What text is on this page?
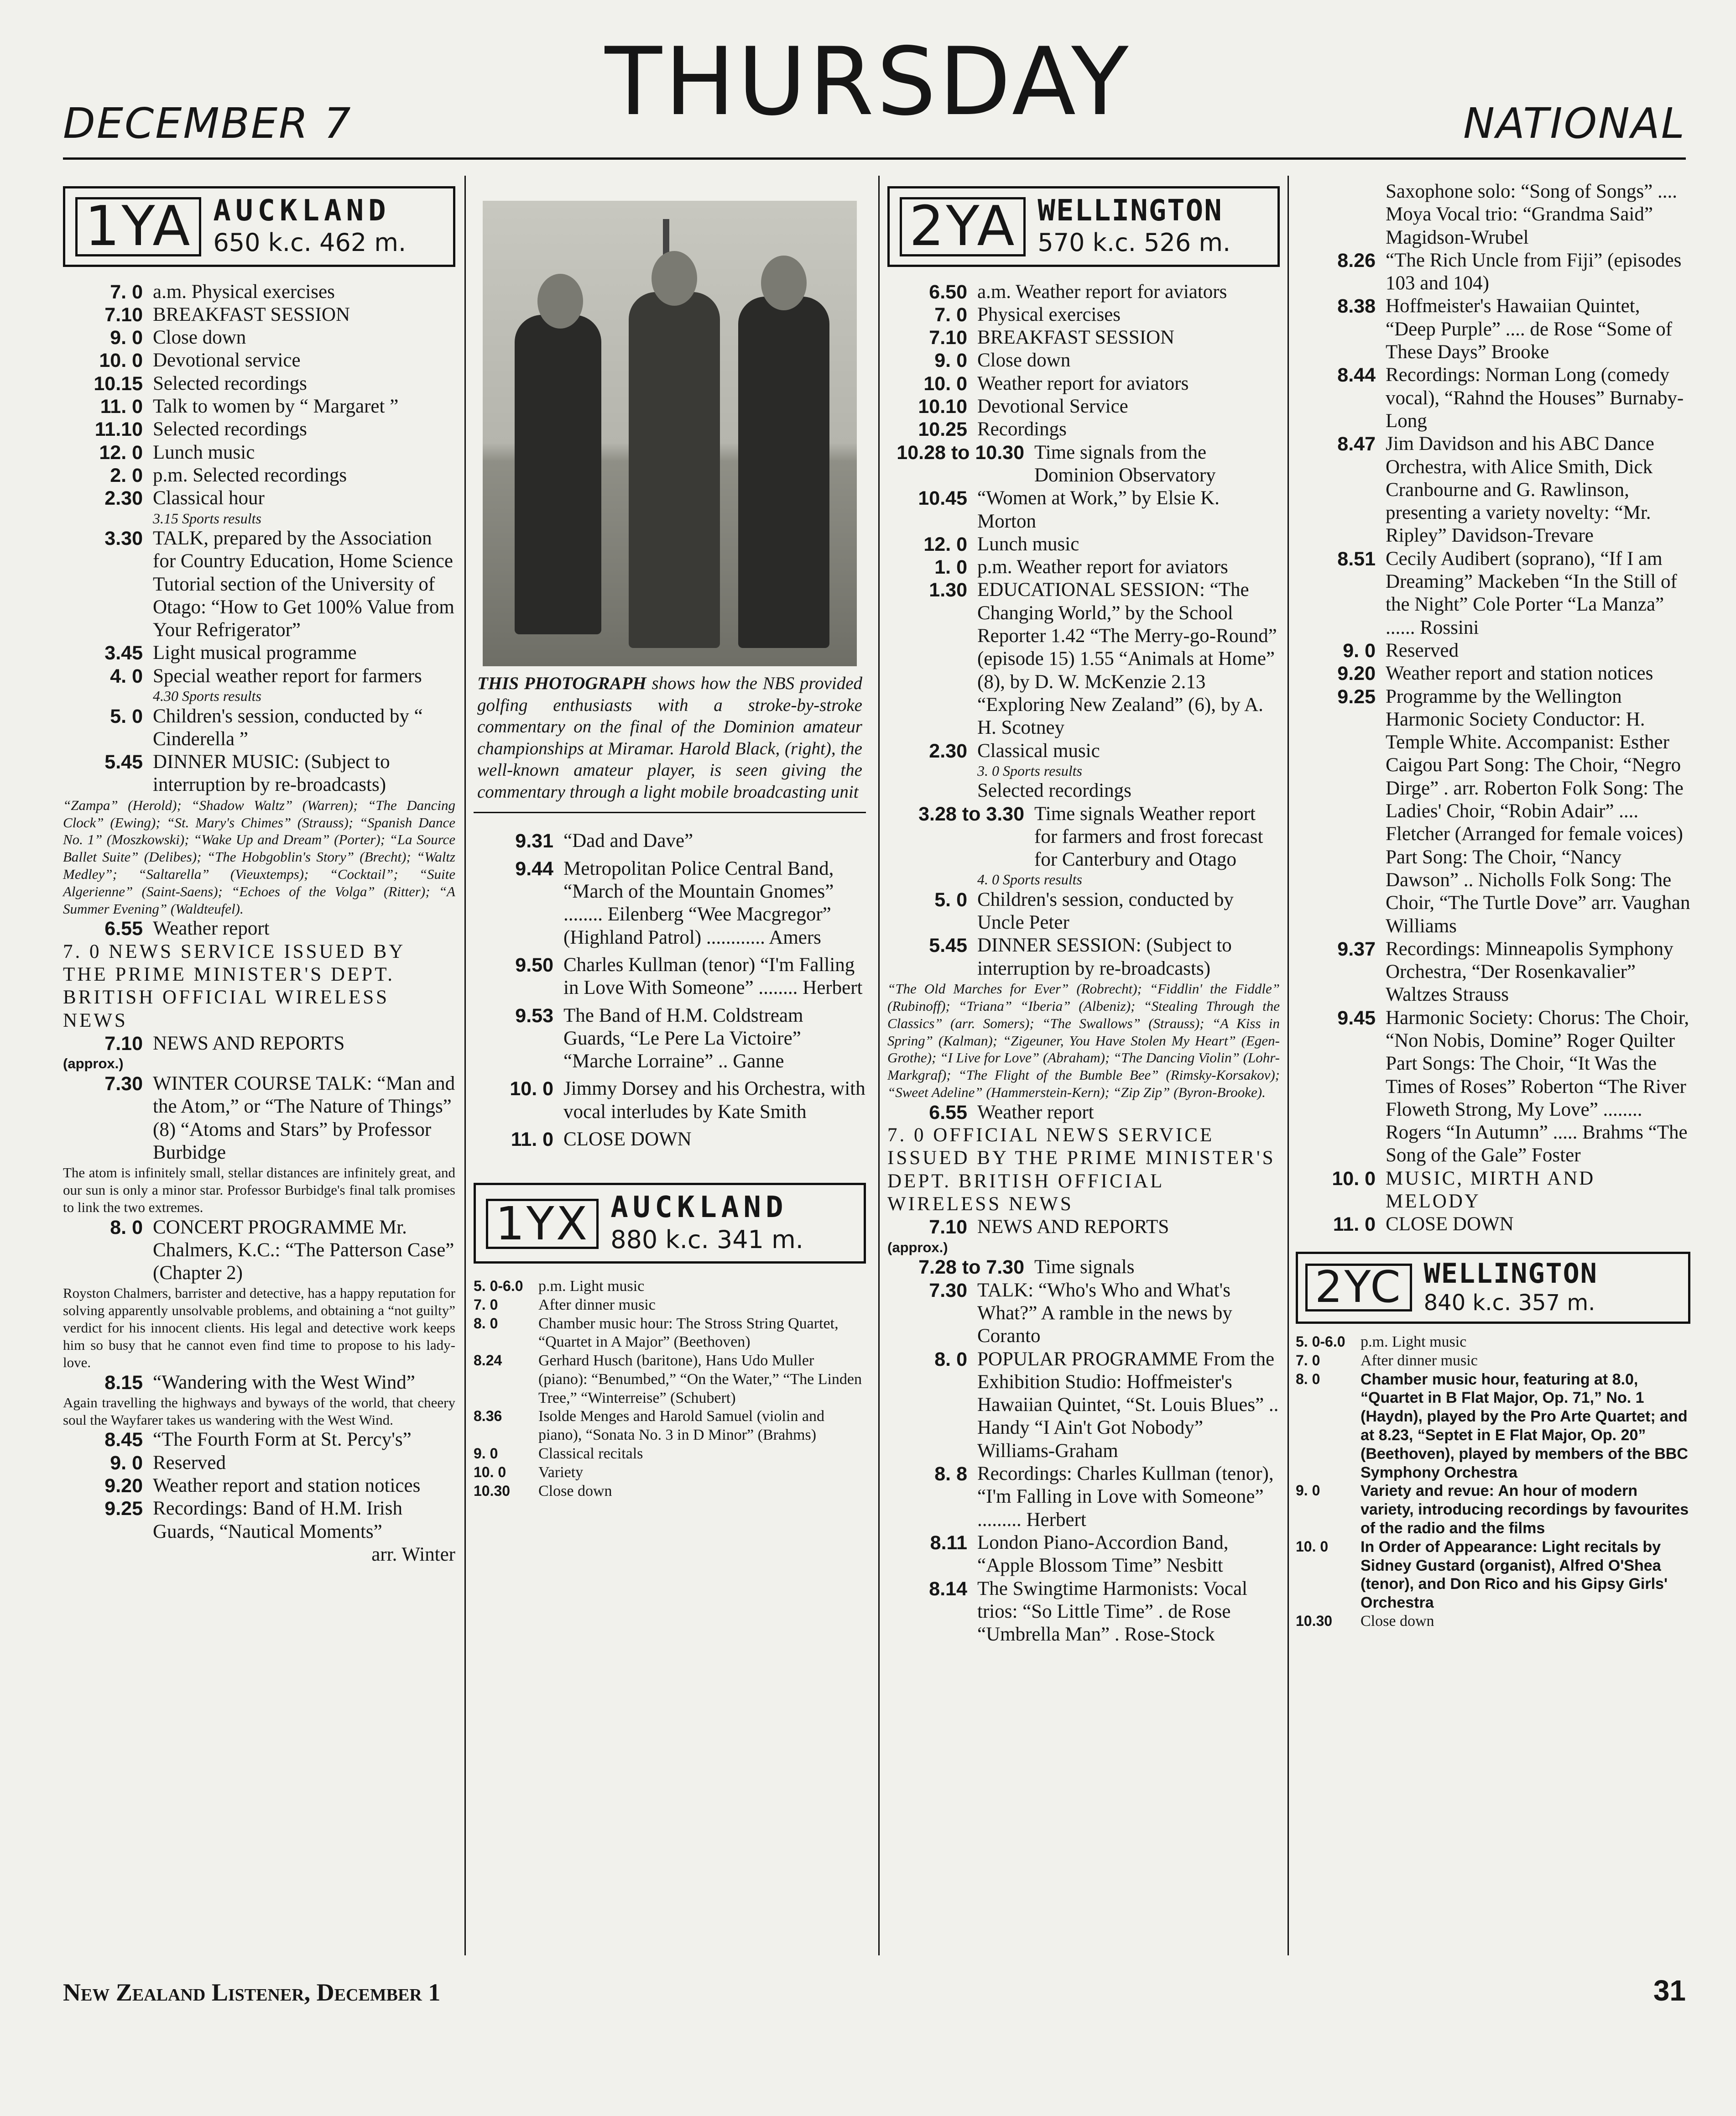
THURSDAY
DECEMBER 7	NATIONAL
1YA AUCKLAND
650 k.c. 462 m.
7. 0 a.m. Physical exercises
7.10 BREAKFAST SESSION
9. 0 Close down
10. 0 Devotional service
10.15 Selected recordings
11. 0 Talk to women by “ Margaret ”
11.10 Selected recordings
12. 0 Lunch music
2. 0 p.m. Selected recordings
2.30 Classical hour
3.15 Sports results
3.30 TALK, prepared by the Association for Country Education, Home Science Tutorial section of the University of Otago: “How to Get 100% Value from Your Refrigerator”
3.45 Light musical programme
4. 0 Special weather report for farmers
4.30 Sports results
5. 0 Children's session, conducted by “ Cinderella ”
5.45 DINNER MUSIC: (Subject to interruption by re-broadcasts)
“Zampa” (Herold); “Shadow Waltz” (Warren); “The Dancing Clock” (Ewing); “St. Mary's Chimes” (Strauss); “Spanish Dance No. 1” (Moszkowski); “Wake Up and Dream” (Porter); “La Source Ballet Suite” (Delibes); “The Hobgoblin's Story” (Brecht); “Waltz Medley”; “Saltarella” (Vieuxtemps); “Cocktail”; “Suite Algerienne” (Saint-Saens); “Echoes of the Volga” (Ritter); “A Summer Evening” (Waldteufel).
6.55 Weather report
7. 0 NEWS SERVICE ISSUED BY THE PRIME MINISTER'S DEPT. BRITISH OFFICIAL WIRELESS NEWS
7.10 NEWS AND REPORTS
(approx.)
7.30 WINTER COURSE TALK: “Man and the Atom,” or “The Nature of Things” (8) “Atoms and Stars” by Professor Burbidge
The atom is infinitely small, stellar distances are infinitely great, and our sun is only a minor star. Professor Burbidge's final talk promises to link the two extremes.
8. 0 CONCERT PROGRAMME Mr. Chalmers, K.C.: “The Patterson Case” (Chapter 2)
Royston Chalmers, barrister and detective, has a happy reputation for solving apparently unsolvable problems, and obtaining a “not guilty” verdict for his innocent clients. His legal and detective work keeps him so busy that he cannot even find time to propose to his lady-love.
8.15 “Wandering with the West Wind”
Again travelling the highways and byways of the world, that cheery soul the Wayfarer takes us wandering with the West Wind.
8.45 “The Fourth Form at St. Percy's”
9. 0 Reserved
9.20 Weather report and station notices
9.25 Recordings: Band of H.M. Irish Guards, “Nautical Moments”
arr. Winter
THIS PHOTOGRAPH shows how the NBS provided golfing enthusiasts with a stroke-by-stroke commentary on the final of the Dominion amateur championships at Miramar. Harold Black, (right), the well-known amateur player, is seen giving the commentary through a light mobile broadcasting unit
9.31 “Dad and Dave”
9.44 Metropolitan Police Central Band, “March of the Mountain Gnomes” ........ Eilenberg “Wee Macgregor” (Highland Patrol) ............ Amers
9.50 Charles Kullman (tenor) “I'm Falling in Love With Someone” ........ Herbert
9.53 The Band of H.M. Coldstream Guards, “Le Pere La Victoire” “Marche Lorraine” .. Ganne
10. 0 Jimmy Dorsey and his Orchestra, with vocal interludes by Kate Smith
11. 0 CLOSE DOWN
1YX AUCKLAND
880 k.c. 341 m.
5. 0-6.0 p.m. Light music
7. 0	After dinner music
8. 0	Chamber music hour: The Stross String Quartet, “Quartet in A Major” (Beethoven)
8.24	Gerhard Husch (baritone), Hans Udo Muller (piano): “Benumbed,” “On the Water,” “The Linden Tree,” “Winterreise” (Schubert)
8.36	Isolde Menges and Harold Samuel (violin and piano), “Sonata No. 3 in D Minor” (Brahms)
9. 0	Classical recitals
10. 0	Variety
10.30	Close down
2YA WELLINGTON
570 k.c. 526 m.
6.50 a.m. Weather report for aviators
7. 0 Physical exercises
7.10 BREAKFAST SESSION
9. 0 Close down
10. 0 Weather report for aviators
10.10 Devotional Service
10.25 Recordings
10.28 to 10.30 Time signals from the Dominion Observatory
10.45 “Women at Work,” by Elsie K. Morton
12. 0 Lunch music
1. 0 p.m. Weather report for aviators
1.30 EDUCATIONAL SESSION: “The Changing World,” by the School Reporter 1.42 “The Merry-go-Round” (episode 15) 1.55 “Animals at Home” (8), by D. W. McKenzie 2.13 “Exploring New Zealand” (6), by A. H. Scotney
2.30 Classical music
3. 0 Sports results
Selected recordings
3.28 to 3.30 Time signals Weather report for farmers and frost forecast for Canterbury and Otago
4. 0 Sports results
5. 0 Children's session, conducted by Uncle Peter
5.45 DINNER SESSION: (Subject to interruption by re-broadcasts)
“The Old Marches for Ever” (Robrecht); “Fiddlin' the Fiddle” (Rubinoff); “Triana” “Iberia” (Albeniz); “Stealing Through the Classics” (arr. Somers); “The Swallows” (Strauss); “A Kiss in Spring” (Kalman); “Zigeuner, You Have Stolen My Heart” (Egen-Grothe); “I Live for Love” (Abraham); “The Dancing Violin” (Lohr-Markgraf); “The Flight of the Bumble Bee” (Rimsky-Korsakov); “Sweet Adeline” (Hammerstein-Kern); “Zip Zip” (Byron-Brooke).
6.55 Weather report
7. 0 OFFICIAL NEWS SERVICE ISSUED BY THE PRIME MINISTER'S DEPT. BRITISH OFFICIAL WIRELESS NEWS
7.10 NEWS AND REPORTS
(approx.)
7.28 to 7.30 Time signals
7.30 TALK: “Who's Who and What's What?” A ramble in the news by Coranto
8. 0 POPULAR PROGRAMME From the Exhibition Studio: Hoffmeister's Hawaiian Quintet, “St. Louis Blues” .. Handy “I Ain't Got Nobody” Williams-Graham
8. 8 Recordings: Charles Kullman (tenor), “I'm Falling in Love with Someone” ......... Herbert
8.11 London Piano-Accordion Band, “Apple Blossom Time” Nesbitt
8.14 The Swingtime Harmonists: Vocal trios: “So Little Time” . de Rose “Umbrella Man” . Rose-Stock
Saxophone solo: “Song of Songs” .... Moya Vocal trio: “Grandma Said” Magidson-Wrubel
8.26 “The Rich Uncle from Fiji” (episodes 103 and 104)
8.38 Hoffmeister's Hawaiian Quintet, “Deep Purple” .... de Rose “Some of These Days” Brooke
8.44 Recordings: Norman Long (comedy vocal), “Rahnd the Houses” Burnaby-Long
8.47 Jim Davidson and his ABC Dance Orchestra, with Alice Smith, Dick Cranbourne and G. Rawlinson, presenting a variety novelty: “Mr. Ripley” Davidson-Trevare
8.51 Cecily Audibert (soprano), “If I am Dreaming” Mackeben “In the Still of the Night” Cole Porter “La Manza” ...... Rossini
9. 0 Reserved
9.20 Weather report and station notices
9.25 Programme by the Wellington Harmonic Society Conductor: H. Temple White. Accompanist: Esther Caigou Part Song: The Choir, “Negro Dirge” . arr. Roberton Folk Song: The Ladies' Choir, “Robin Adair” .... Fletcher (Arranged for female voices) Part Song: The Choir, “Nancy Dawson” .. Nicholls Folk Song: The Choir, “The Turtle Dove” arr. Vaughan Williams
9.37 Recordings: Minneapolis Symphony Orchestra, “Der Rosenkavalier” Waltzes Strauss
9.45 Harmonic Society: Chorus: The Choir, “Non Nobis, Domine” Roger Quilter Part Songs: The Choir, “It Was the Times of Roses” Roberton “The River Floweth Strong, My Love” ........ Rogers “In Autumn” ..... Brahms “The Song of the Gale” Foster
10. 0 MUSIC, MIRTH AND MELODY
11. 0 CLOSE DOWN
2YC WELLINGTON
840 k.c. 357 m.
5. 0-6.0 p.m. Light music
7. 0	After dinner music
8. 0	Chamber music hour, featuring at 8.0, “Quartet in B Flat Major, Op. 71,” No. 1 (Haydn), played by the Pro Arte Quartet; and at 8.23, “Septet in E Flat Major, Op. 20” (Beethoven), played by members of the BBC Symphony Orchestra
9. 0	Variety and revue: An hour of modern variety, introducing recordings by favourites of the radio and the films
10. 0	In Order of Appearance: Light recitals by Sidney Gustard (organist), Alfred O'Shea (tenor), and Don Rico and his Gipsy Girls' Orchestra
10.30	Close down
New Zealand Listener, December 1	31
